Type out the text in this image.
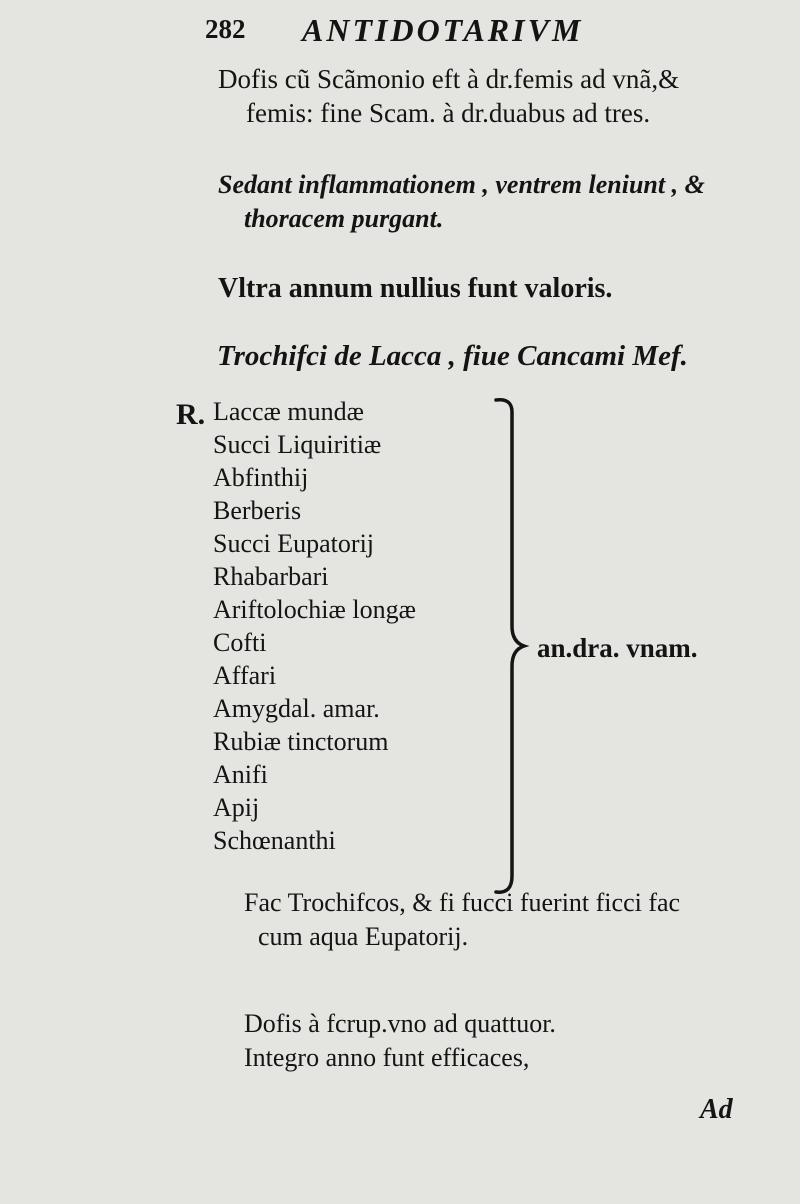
282 ANTIDOTARIVM
Dofis cũ Scãmonio eft à dr.femis ad vnã,&
femis: fine Scam. à dr.duabus ad tres.
Sedant inflammationem , ventrem leniunt , &
thoracem purgant.
Vltra annum nullius funt valoris.
Trochifci de Lacca , fiue Cancami Mef.
R. Laccæ mundæ
Succi Liquiritiæ
Abfinthij
Berberis
Succi Eupatorij
Rhabarbari
Ariftolochiæ longæ
Cofti
Affari
Amygdal. amar.
Rubiæ tinctorum
Anifi
Apij
Schœnanthi
an.dra. vnam.
Fac Trochifcos, & fi fucci fuerint ficci fac
cum aqua Eupatorij.
Dofis à fcrup.vno ad quattuor.
Integro anno funt efficaces,
Ad
